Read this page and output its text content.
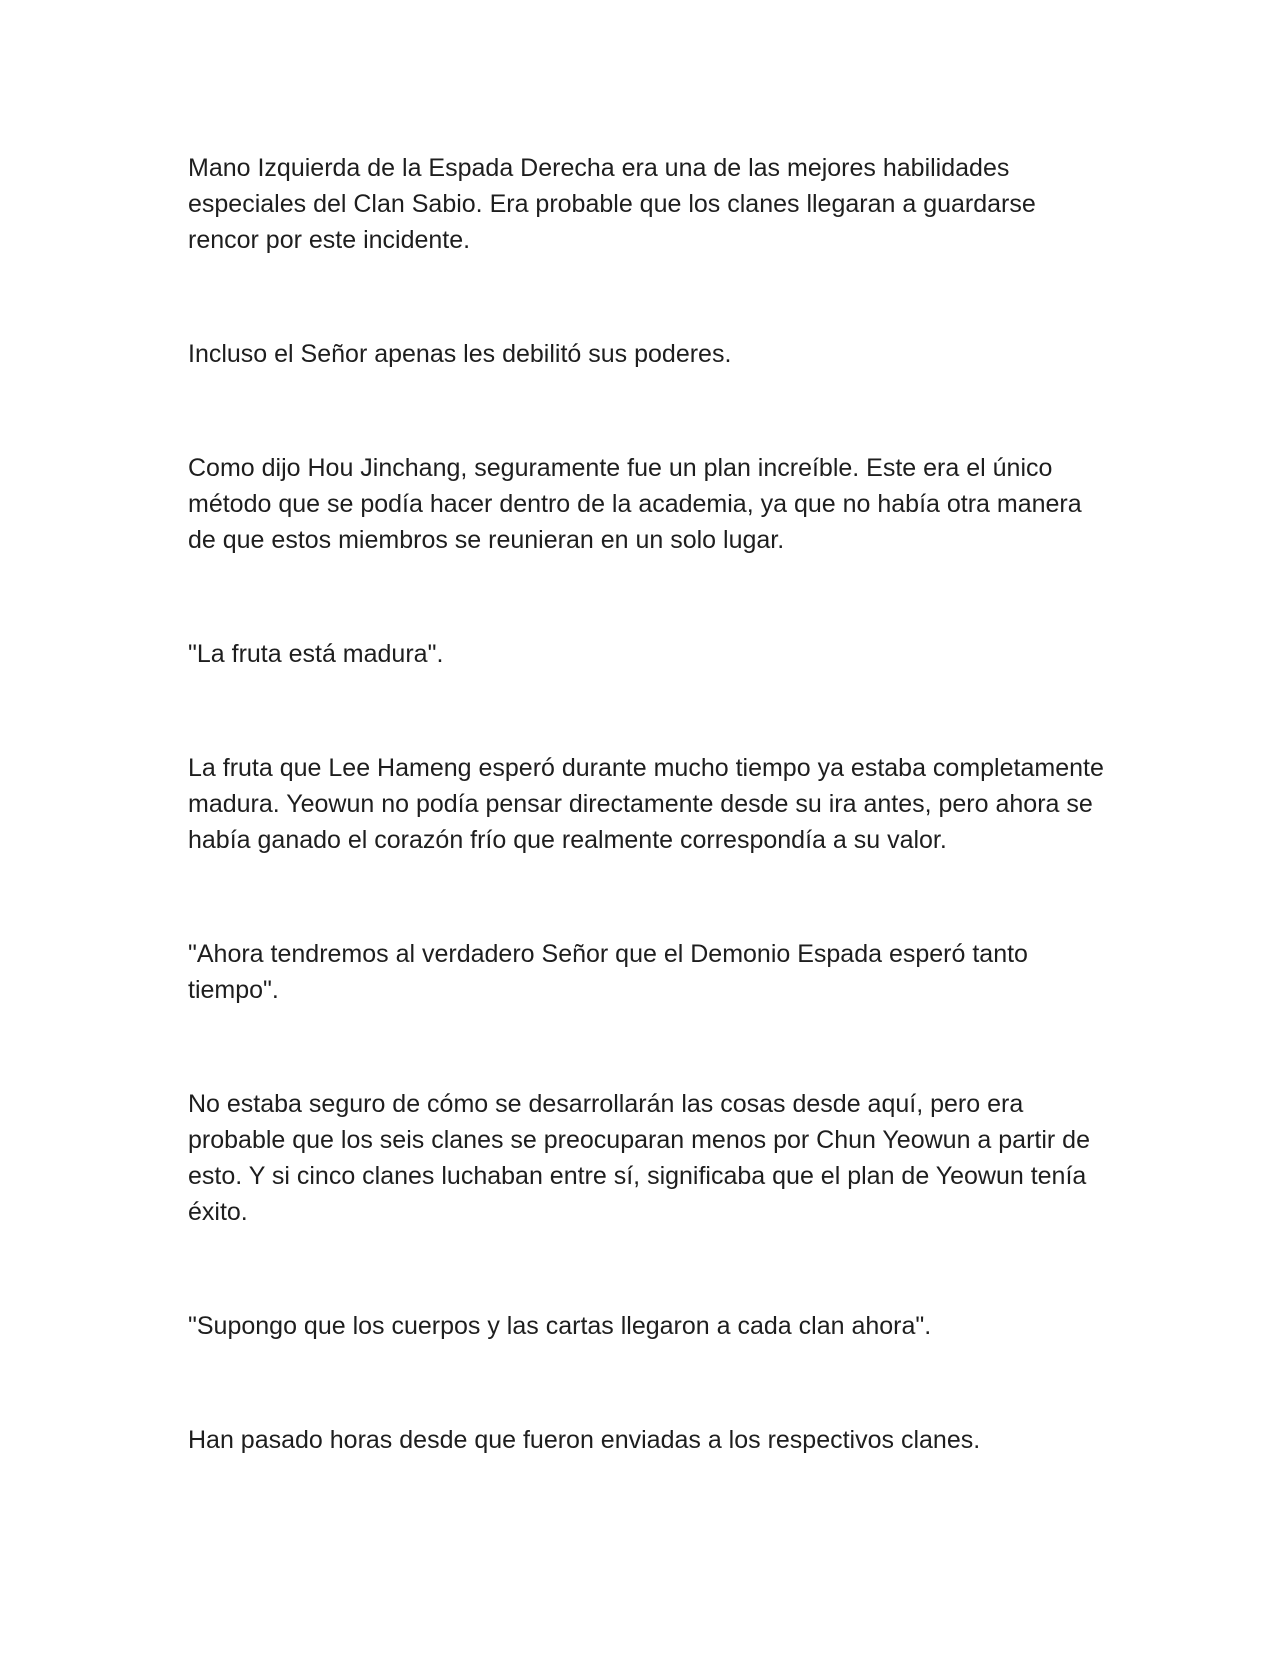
Mano Izquierda de la Espada Derecha era una de las mejores habilidades especiales del Clan Sabio. Era probable que los clanes llegaran a guardarse rencor por este incidente.

Incluso el Señor apenas les debilitó sus poderes.

Como dijo Hou Jinchang, seguramente fue un plan increíble. Este era el único método que se podía hacer dentro de la academia, ya que no había otra manera de que estos miembros se reunieran en un solo lugar.

"La fruta está madura".

La fruta que Lee Hameng esperó durante mucho tiempo ya estaba completamente madura. Yeowun no podía pensar directamente desde su ira antes, pero ahora se había ganado el corazón frío que realmente correspondía a su valor.

"Ahora tendremos al verdadero Señor que el Demonio Espada esperó tanto tiempo".

No estaba seguro de cómo se desarrollarán las cosas desde aquí, pero era probable que los seis clanes se preocuparan menos por Chun Yeowun a partir de esto. Y si cinco clanes luchaban entre sí, significaba que el plan de Yeowun tenía éxito.

"Supongo que los cuerpos y las cartas llegaron a cada clan ahora".

Han pasado horas desde que fueron enviadas a los respectivos clanes.
